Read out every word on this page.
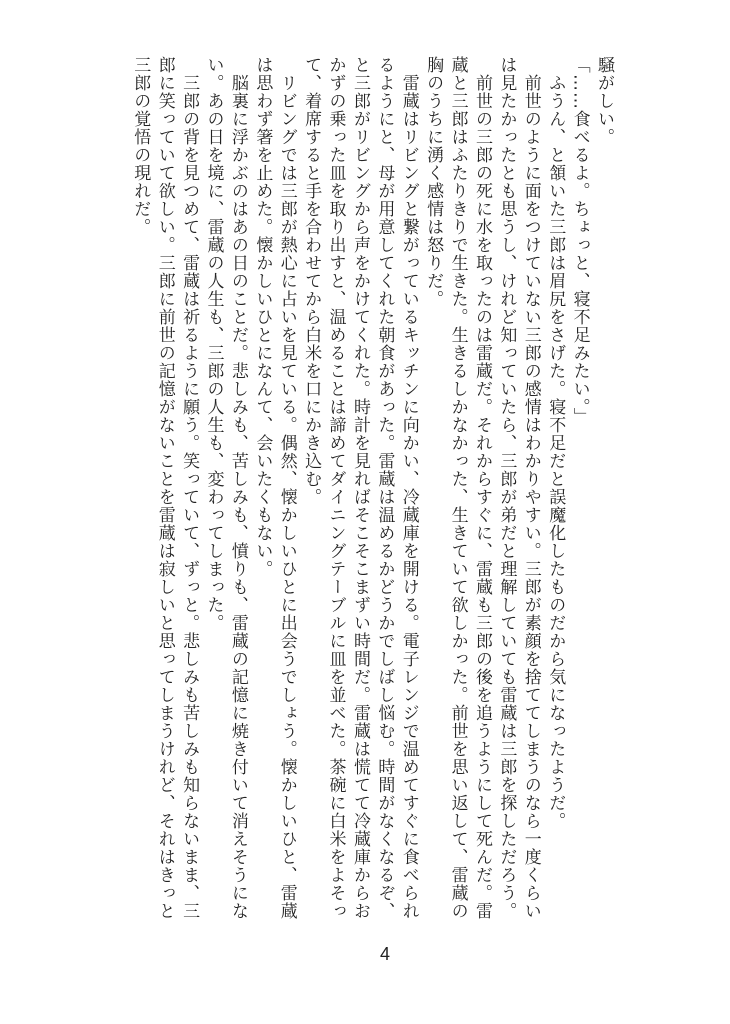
騒がしい。
「……食べるよ。ちょっと、寝不足みたい。」
　ふうん、と頷いた三郎は眉尻をさげた。寝不足だと誤魔化したものだから気になったようだ。
　前世のように面をつけていない三郎の感情はわかりやすい。三郎が素顔を捨ててしまうのなら一度くらい
は見たかったとも思うし、けれど知っていたら、三郎が弟だと理解していても雷蔵は三郎を探しただろう。
　前世の三郎の死に水を取ったのは雷蔵だ。それからすぐに、雷蔵も三郎の後を追うようにして死んだ。雷
蔵と三郎はふたりきりで生きた。生きるしかなかった、生きていて欲しかった。前世を思い返して、雷蔵の
胸のうちに湧く感情は怒りだ。
　雷蔵はリビングと繋がっているキッチンに向かい、冷蔵庫を開ける。電子レンジで温めてすぐに食べられ
るようにと、母が用意してくれた朝食があった。雷蔵は温めるかどうかでしばし悩む。時間がなくなるぞ、
と三郎がリビングから声をかけてくれた。時計を見ればそこそこまずい時間だ。雷蔵は慌てて冷蔵庫からお
かずの乗った皿を取り出すと、温めることは諦めてダイニングテーブルに皿を並べた。茶碗に白米をよそっ
て、着席すると手を合わせてから白米を口にかき込む。
　リビングでは三郎が熱心に占いを見ている。偶然、懐かしいひとに出会うでしょう。懐かしいひと、雷蔵
は思わず箸を止めた。懐かしいひとになんて、会いたくもない。
　脳裏に浮かぶのはあの日のことだ。悲しみも、苦しみも、憤りも、雷蔵の記憶に焼き付いて消えそうにな
い。あの日を境に、雷蔵の人生も、三郎の人生も、変わってしまった。
　三郎の背を見つめて、雷蔵は祈るように願う。笑っていて、ずっと。悲しみも苦しみも知らないまま、三
郎に笑っていて欲しい。三郎に前世の記憶がないことを雷蔵は寂しいと思ってしまうけれど、それはきっと
三郎の覚悟の現れだ。
4
